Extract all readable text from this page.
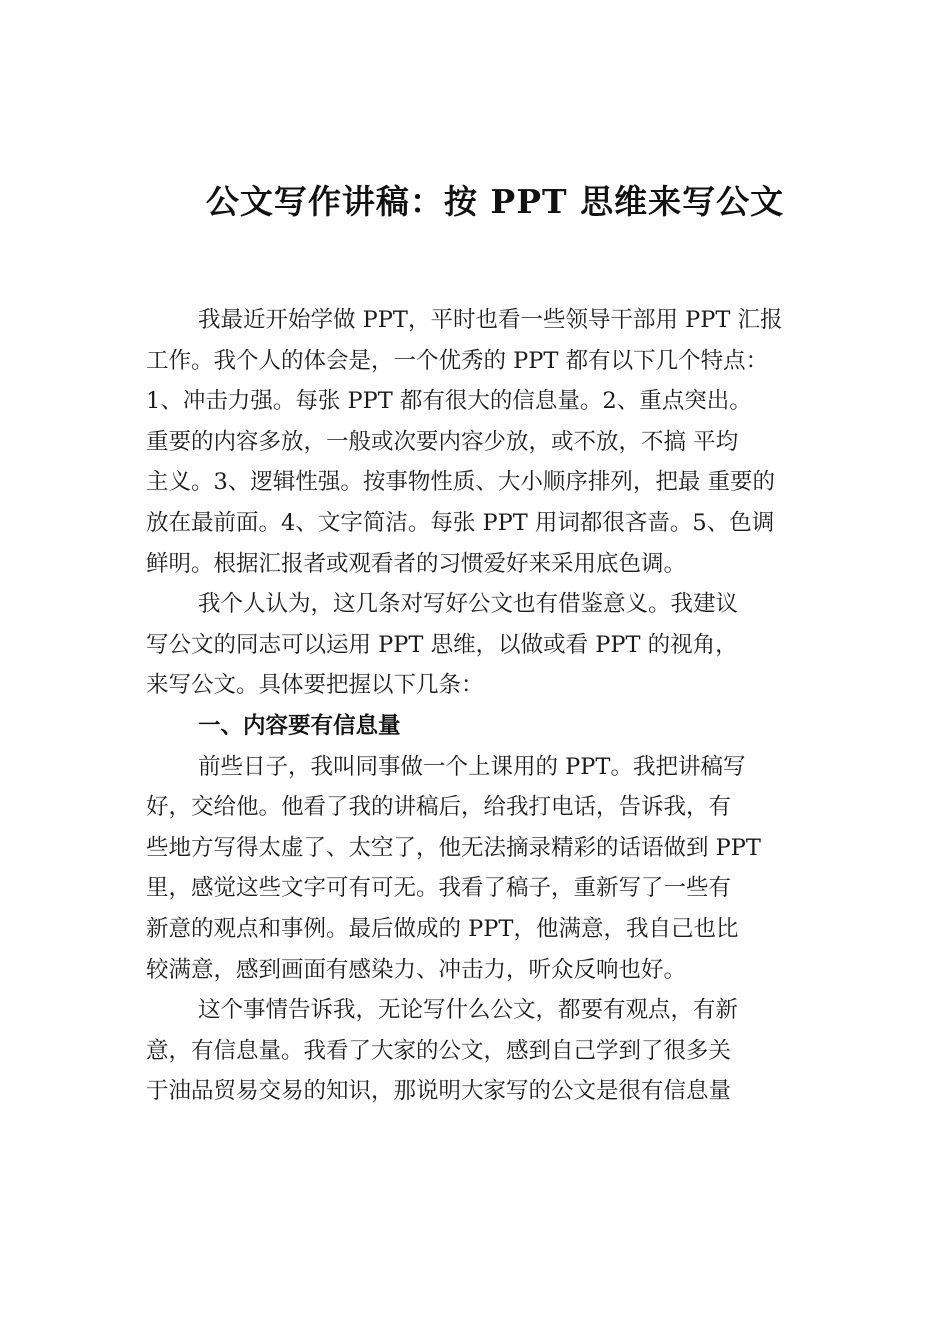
公文写作讲稿：按 PPT 思维来写公文
我最近开始学做 PPT，平时也看一些领导干部用 PPT 汇报
工作。我个人的体会是，一个优秀的 PPT 都有以下几个特点：
1、冲击力强。每张 PPT 都有很大的信息量。2、重点突出。
重要的内容多放，一般或次要内容少放，或不放，不搞 平均
主义。3、逻辑性强。按事物性质、大小顺序排列，把最 重要的
放在最前面。4、文字简洁。每张 PPT 用词都很吝啬。5、色调
鲜明。根据汇报者或观看者的习惯爱好来采用底色调。
我个人认为，这几条对写好公文也有借鉴意义。我建议
写公文的同志可以运用 PPT 思维，以做或看 PPT 的视角，
来写公文。具体要把握以下几条：
一、内容要有信息量
前些日子，我叫同事做一个上课用的 PPT。我把讲稿写
好，交给他。他看了我的讲稿后，给我打电话，告诉我，有
些地方写得太虚了、太空了，他无法摘录精彩的话语做到 PPT
里，感觉这些文字可有可无。我看了稿子，重新写了一些有
新意的观点和事例。最后做成的 PPT，他满意，我自己也比
较满意，感到画面有感染力、冲击力，听众反响也好。
这个事情告诉我，无论写什么公文，都要有观点，有新
意，有信息量。我看了大家的公文，感到自己学到了很多关
于油品贸易交易的知识，那说明大家写的公文是很有信息量
